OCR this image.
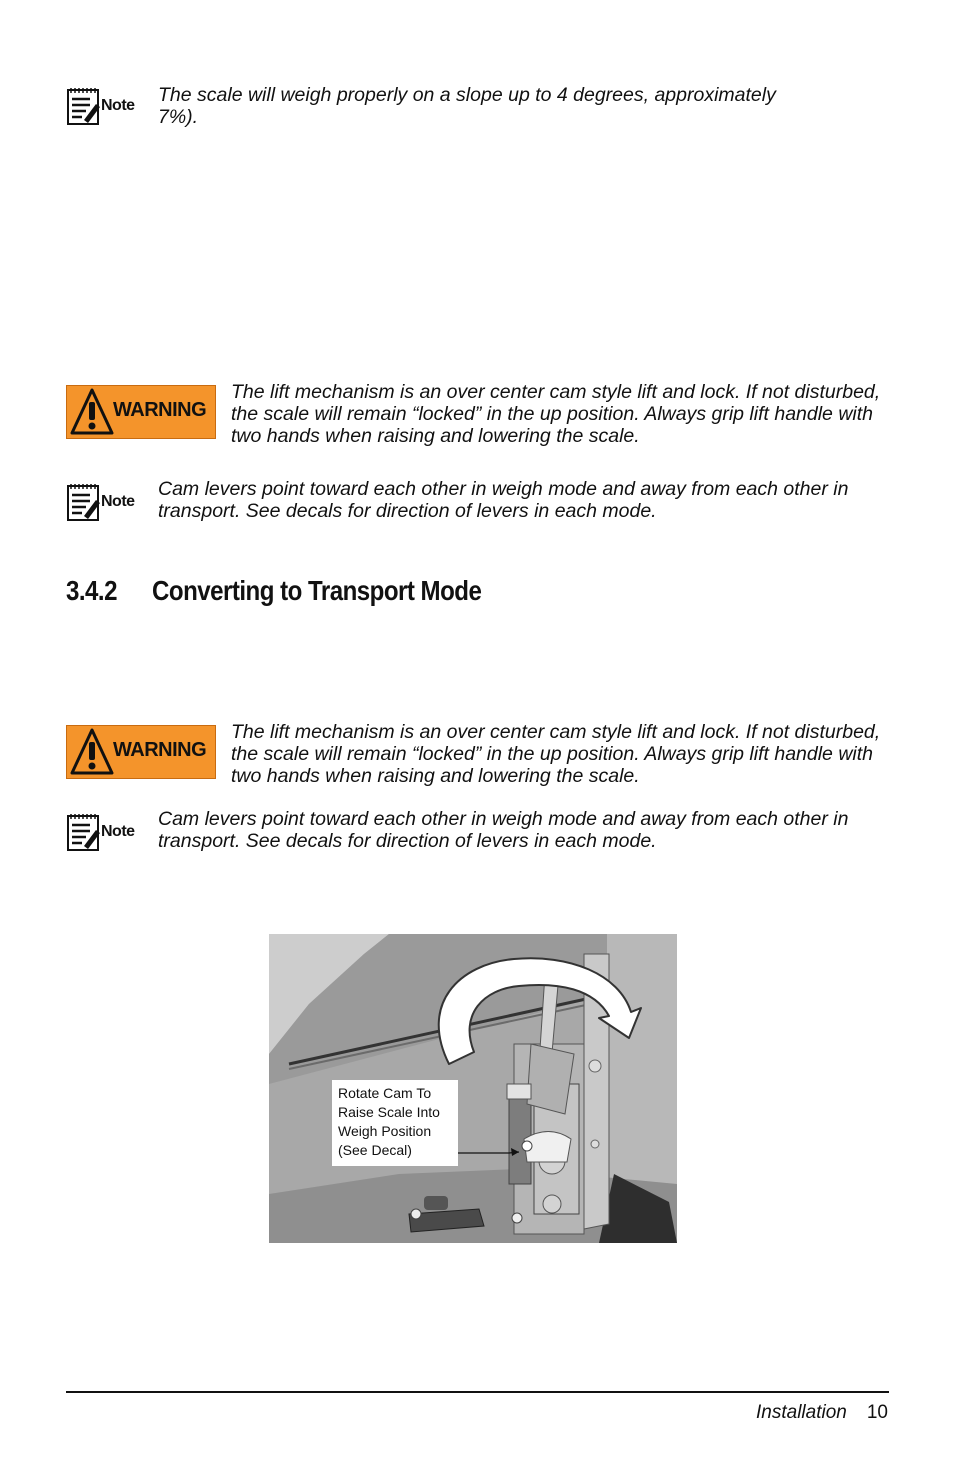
Note The scale will weigh properly on a slope up to 4 degrees, approximately 7%).

WARNING

The lift mechanism is an over center cam style lift and lock. If not disturbed, the scale will remain “locked” in the up position. Always grip lift handle with two hands when raising and lowering the scale.

Note

Cam levers point toward each other in weigh mode and away from each other in transport. See decals for direction of levers in each mode.

3.4.2 Converting to Transport Mode
WARNING

The lift mechanism is an over center cam style lift and lock. If not disturbed, the scale will remain “locked” in the up position. Always grip lift handle with two hands when raising and lowering the scale.

Note

Cam levers point toward each other in weigh mode and away from each other in transport. See decals for direction of levers in each mode.

Rotate Cam To
Raise Scale Into
Weigh Position
(See Decal)
Installation 10
